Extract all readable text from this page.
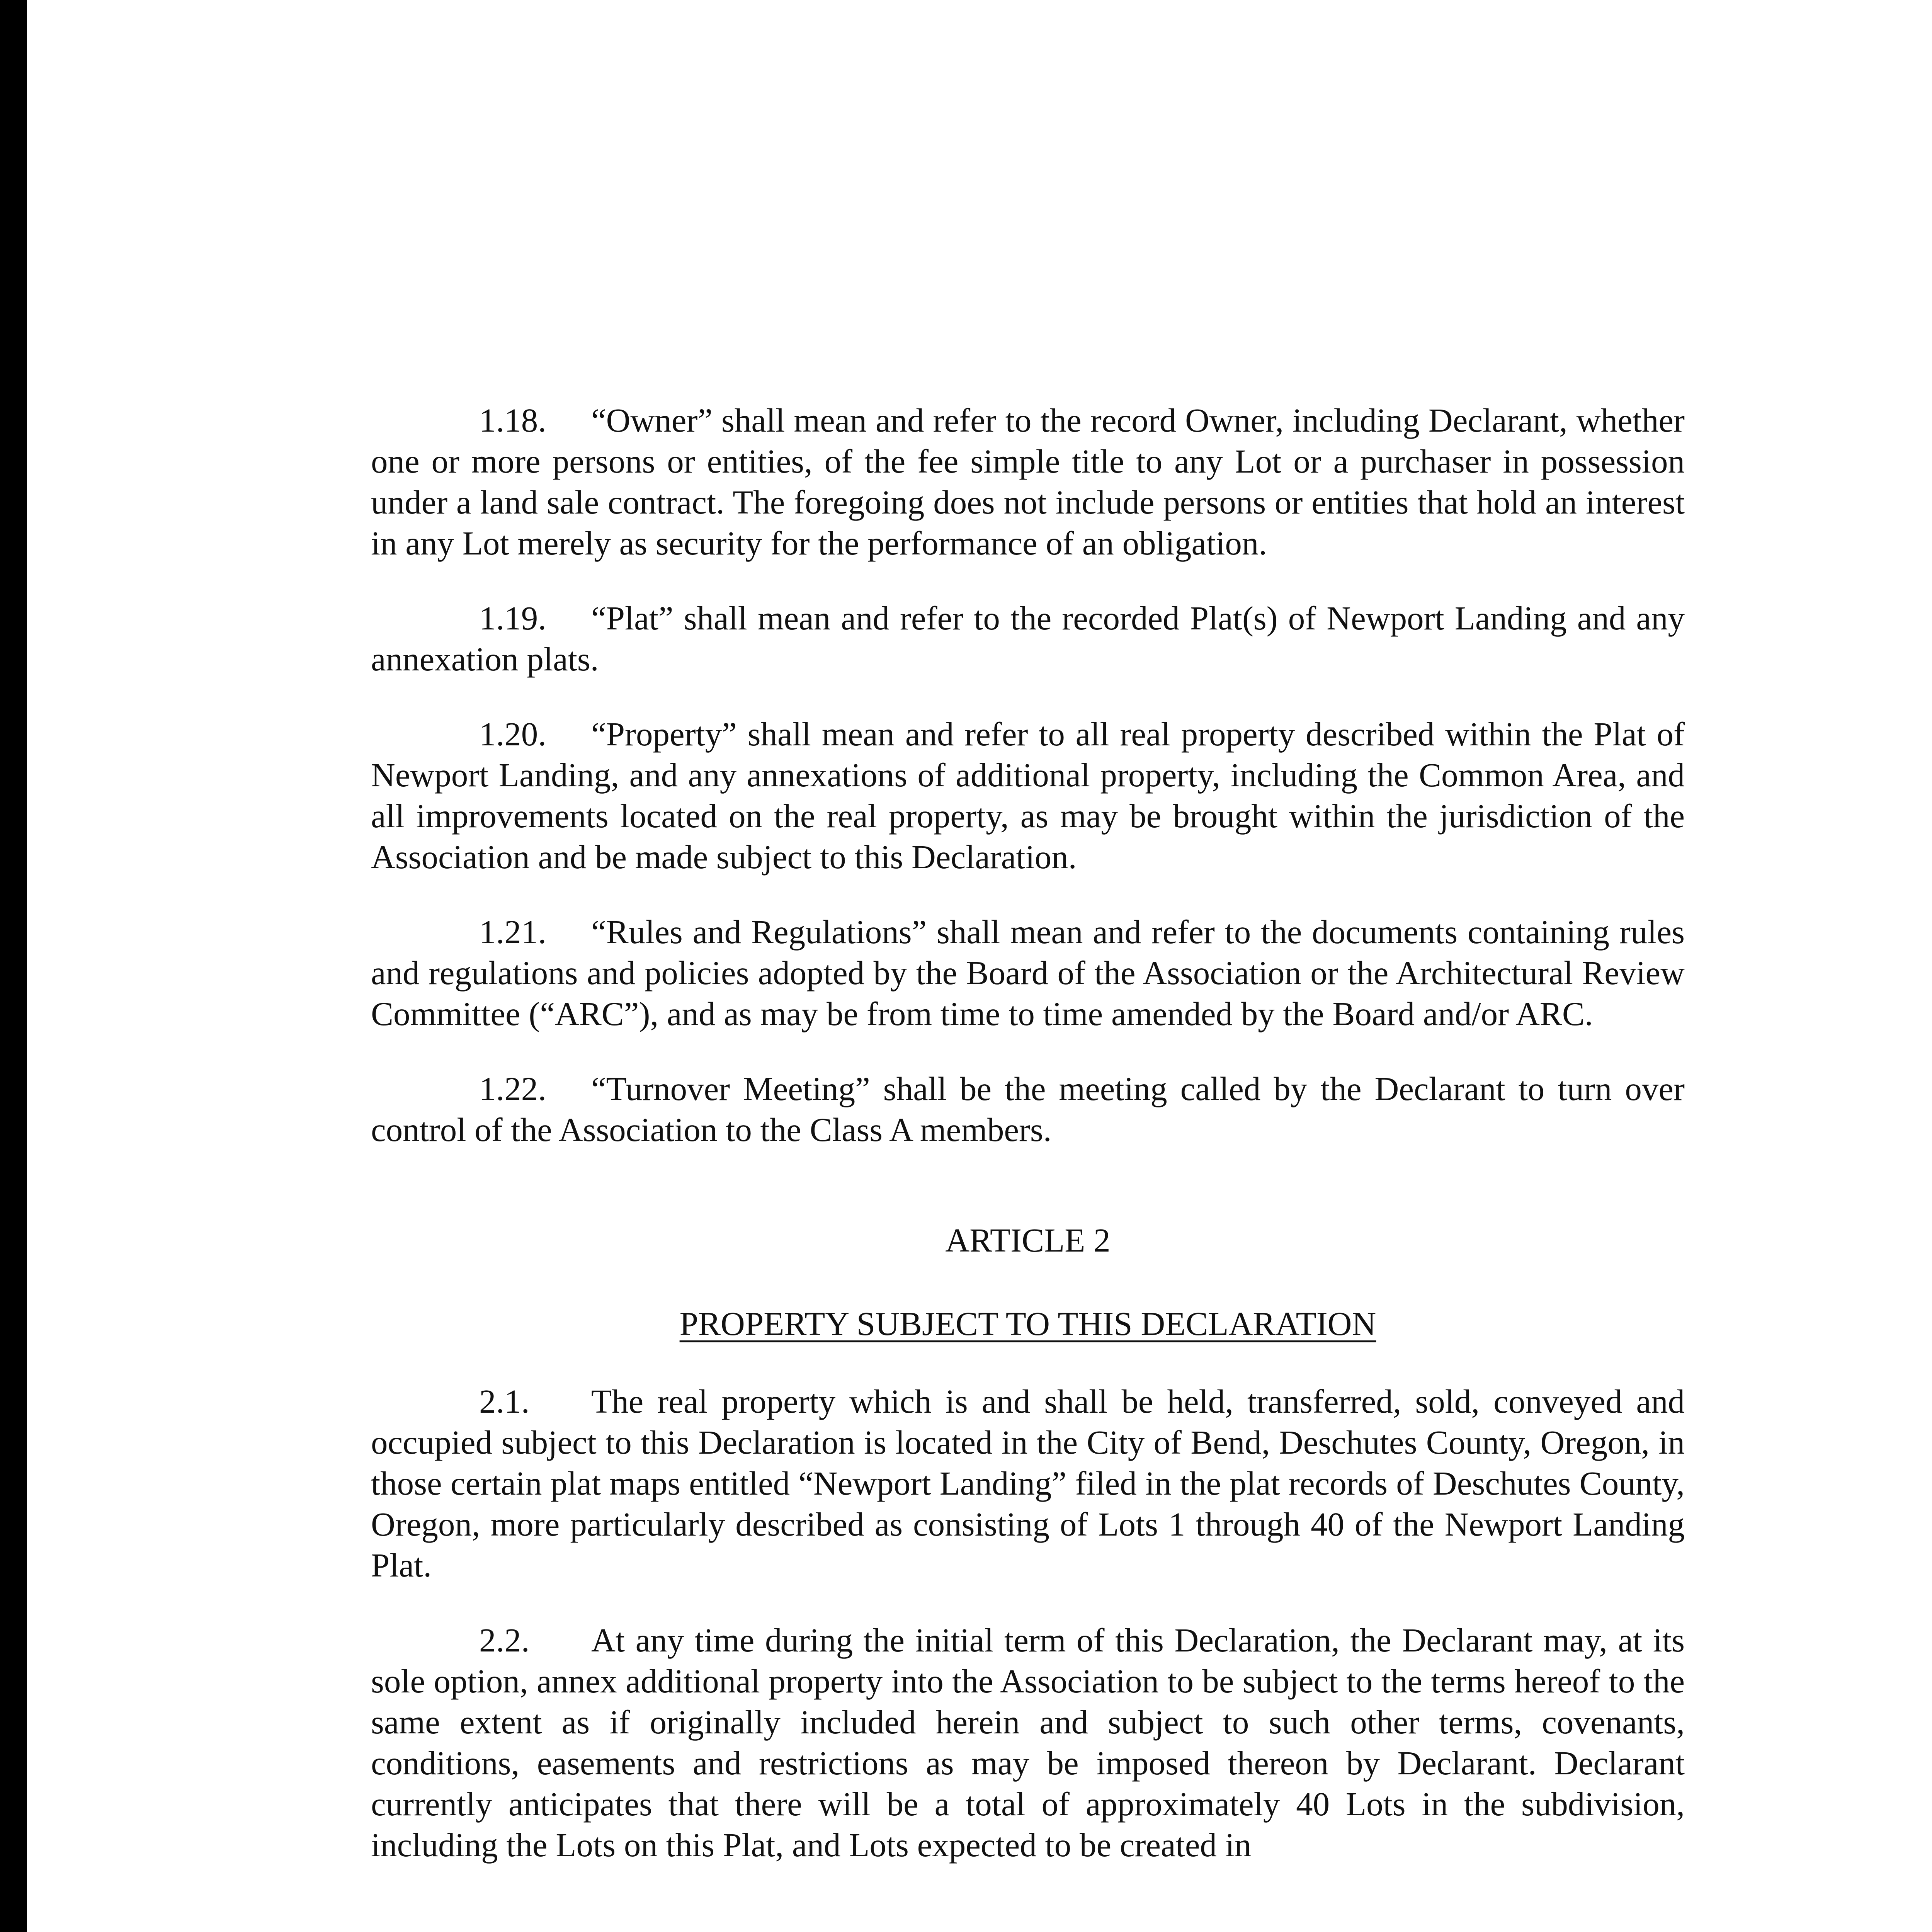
1.18. “Owner” shall mean and refer to the record Owner, including Declarant, whether one or more persons or entities, of the fee simple title to any Lot or a purchaser in possession under a land sale contract. The foregoing does not include persons or entities that hold an interest in any Lot merely as security for the performance of an obligation.

1.19. “Plat” shall mean and refer to the recorded Plat(s) of Newport Landing and any annexation plats.

1.20. “Property” shall mean and refer to all real property described within the Plat of Newport Landing, and any annexations of additional property, including the Common Area, and all improvements located on the real property, as may be brought within the jurisdiction of the Association and be made subject to this Declaration.

1.21. “Rules and Regulations” shall mean and refer to the documents containing rules and regulations and policies adopted by the Board of the Association or the Architectural Review Committee (“ARC”), and as may be from time to time amended by the Board and/or ARC.

1.22. “Turnover Meeting” shall be the meeting called by the Declarant to turn over control of the Association to the Class A members.

ARTICLE 2

PROPERTY SUBJECT TO THIS DECLARATION

2.1. The real property which is and shall be held, transferred, sold, conveyed and occupied subject to this Declaration is located in the City of Bend, Deschutes County, Oregon, in those certain plat maps entitled “Newport Landing” filed in the plat records of Deschutes County, Oregon, more particularly described as consisting of Lots 1 through 40 of the Newport Landing Plat.

2.2. At any time during the initial term of this Declaration, the Declarant may, at its sole option, annex additional property into the Association to be subject to the terms hereof to the same extent as if originally included herein and subject to such other terms, covenants, conditions, easements and restrictions as may be imposed thereon by Declarant. Declarant currently anticipates that there will be a total of approximately 40 Lots in the subdivision, including the Lots on this Plat, and Lots expected to be created in
